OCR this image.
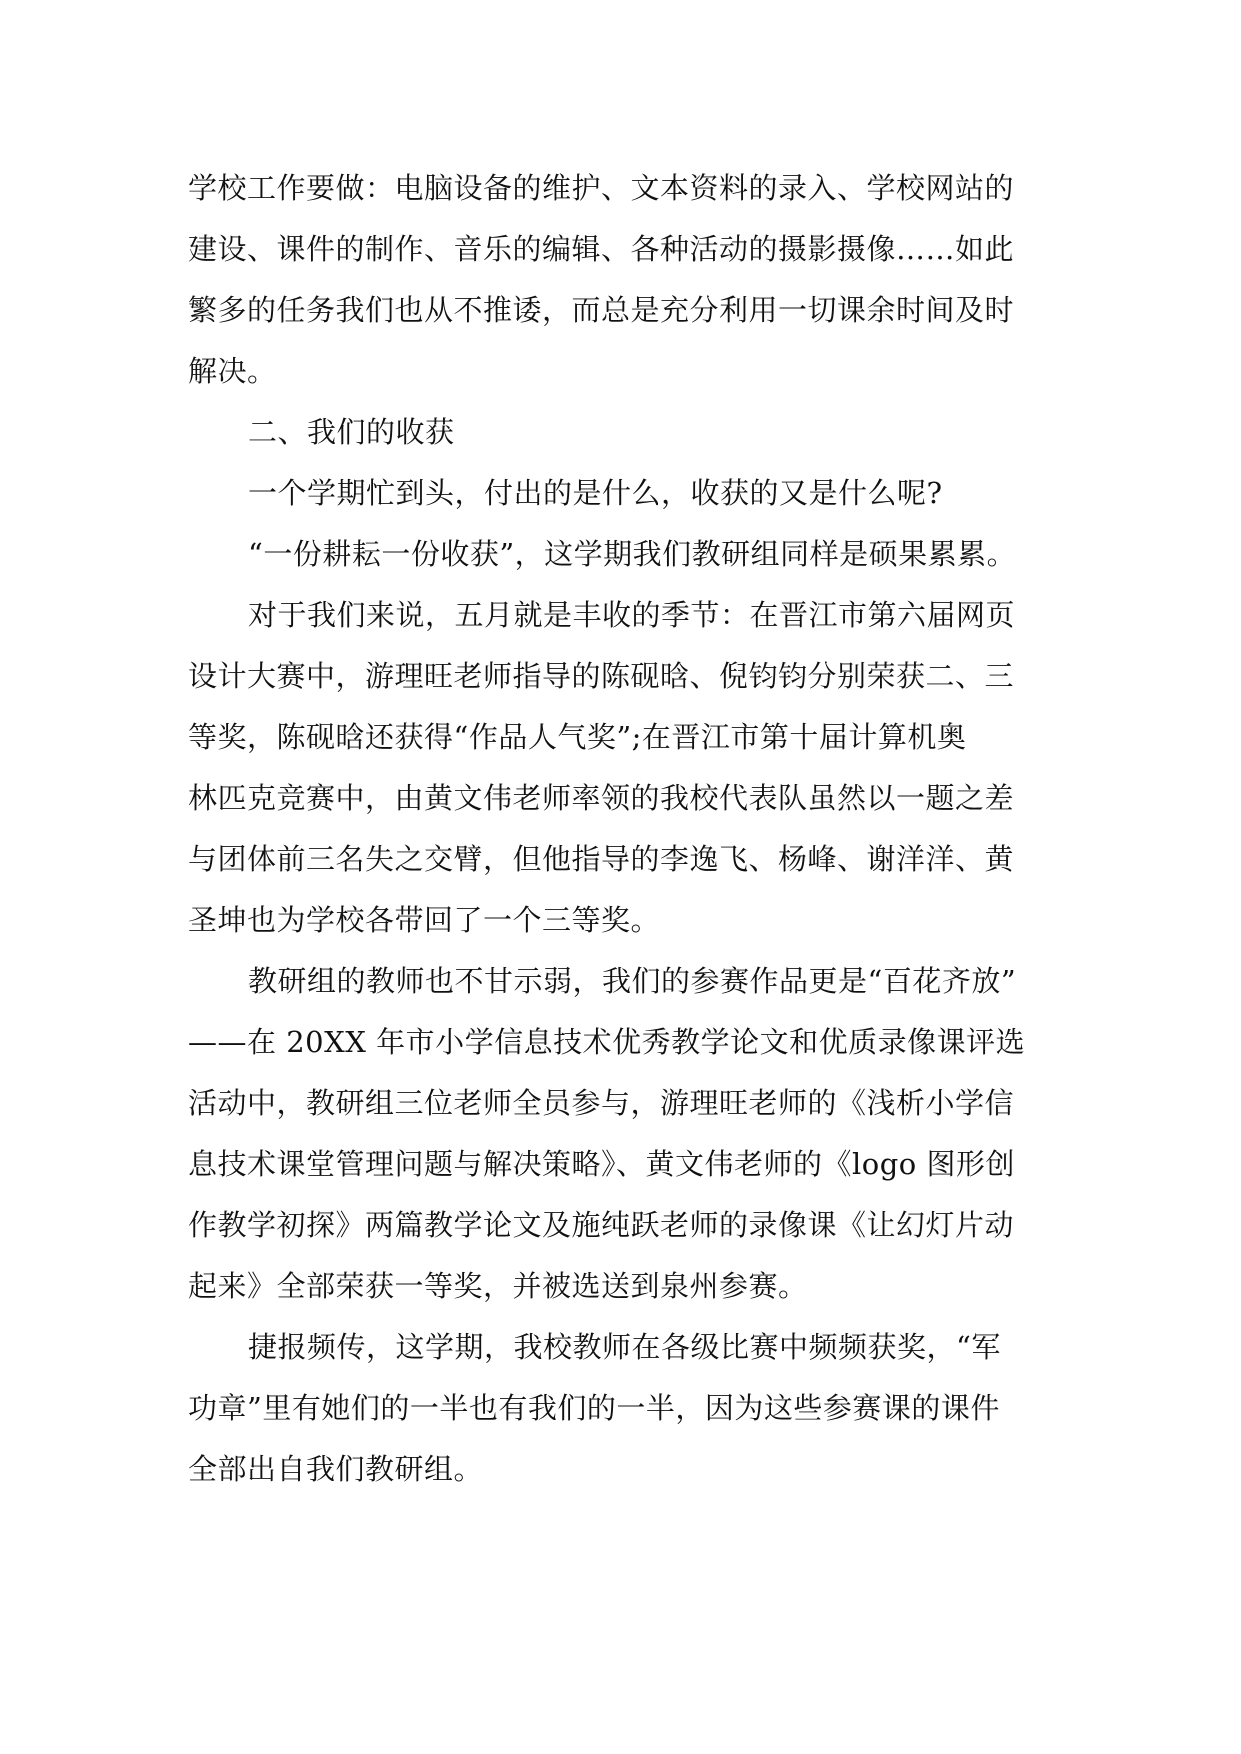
学校工作要做：电脑设备的维护、文本资料的录入、学校网站的

建设、课件的制作、音乐的编辑、各种活动的摄影摄像……如此

繁多的任务我们也从不推诿，而总是充分利用一切课余时间及时

解决。

二、我们的收获

一个学期忙到头，付出的是什么，收获的又是什么呢?

“一份耕耘一份收获”，这学期我们教研组同样是硕果累累。

对于我们来说，五月就是丰收的季节：在晋江市第六届网页

设计大赛中，游理旺老师指导的陈砚晗、倪钧钧分别荣获二、三

等奖，陈砚晗还获得“作品人气奖”;在晋江市第十届计算机奥

林匹克竞赛中，由黄文伟老师率领的我校代表队虽然以一题之差

与团体前三名失之交臂，但他指导的李逸飞、杨峰、谢洋洋、黄

圣坤也为学校各带回了一个三等奖。

教研组的教师也不甘示弱，我们的参赛作品更是“百花齐放”

——在 20XX 年市小学信息技术优秀教学论文和优质录像课评选

活动中，教研组三位老师全员参与，游理旺老师的《浅析小学信

息技术课堂管理问题与解决策略》、黄文伟老师的《logo 图形创

作教学初探》两篇教学论文及施纯跃老师的录像课《让幻灯片动

起来》全部荣获一等奖，并被选送到泉州参赛。

捷报频传，这学期，我校教师在各级比赛中频频获奖，“军

功章”里有她们的一半也有我们的一半，因为这些参赛课的课件

全部出自我们教研组。
